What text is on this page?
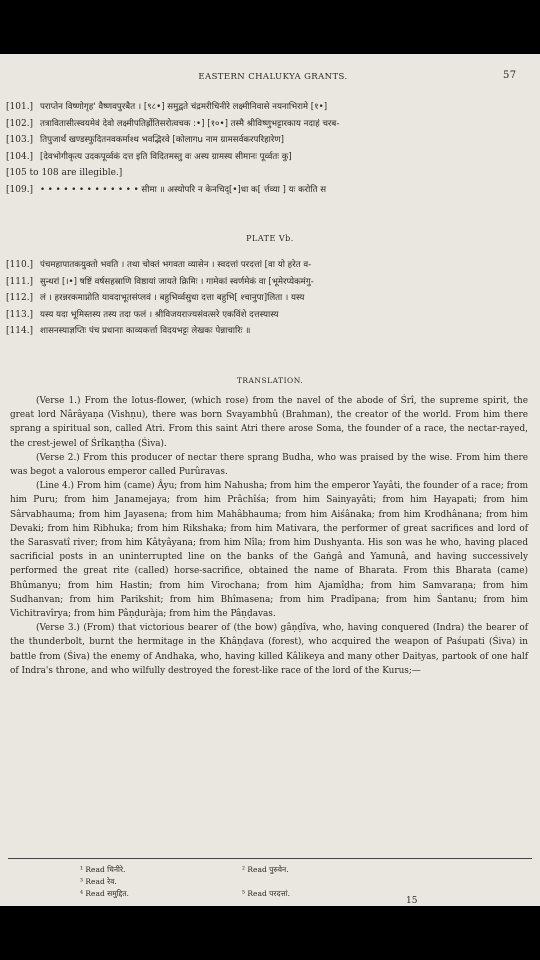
EASTERN CHALUKYA GRANTS.	57
[101.] पराप्तेन विष्णोगृह' वैष्णवपुरबैत । [९८•] समुद्वते चंद्रमरीचिनीरे लक्ष्मीनिवासे नयनाभिरामे [१•]
[102.] तत्रावितासीत्स्वयमेवं देवो लक्ष्मीपतिर्ह्रोतिसरोत्वचक :•] [१०•] तस्मै श्रीविष्णुभट्टारकाय नदाहं चरब-
[103.] तिपुजार्थं खण्डस्फुदितनवकर्माश्थ भवद्भिरवे [कोलागu नाम ग्रामसर्वकरपरिहारेण]
[104.] [देवभोगीकृत्य उदकपूर्व्वकं दत्त इति विदितमस्तु वः अस्य ग्रामस्य सीमानः पूर्व्वतः कु]
[105 to 108 are illegible.]
[109.] • • • • • • • • • • • • • सीमा ॥ अस्योपरि न केनचिद्[•]धा क[ र्त्तव्या ] यः करोति स
PLATE Vb.
[110.] पंचमहापातकयुक्तो भवति । तथा चोक्तं भगवता व्यासेन । स्वदत्तां परदत्तां [वा यो हरेत व-
[111.] सुन्धरां [।•] षष्टिं वर्षसहस्राणि विष्ठायां जायते क्रिमिः । गामेकां स्वर्णमेकं वा [भूमेरप्येकमंगु-
[112.] लं । हरन्नरकमाप्नोति यावदाभूतसंप्लवं । बहुभिर्व्वसुधा दत्ता बहुभि[ श्चानुपा]लिता । यस्य
[113.] यस्य यदा भूमिस्तस्य तस्य तदा फलं । श्रीविजयराज्यसंवत्सरे एकविंशे दत्तस्यास्य
[114.] शासनस्याज्ञप्तिः पंच प्रधानाः काव्यकर्त्ता विदयभट्टः लेखकः पेन्नाचारिः ॥
TRANSLATION.

(Verse 1.) From the lotus-flower, (which rose) from the navel of the abode of Śrî, the supreme spirit, the great lord Nârâyaṇa (Vishṇu), there was born Svayambhû (Brahman), the creator of the world. From him there sprang a spiritual son, called Atri. From this saint Atri there arose Soma, the founder of a race, the nectar-rayed, the crest-jewel of Śrîkaṇṭha (Śiva).

(Verse 2.) From this producer of nectar there sprang Budha, who was praised by the wise. From him there was begot a valorous emperor called Purûravas.

(Line 4.) From him (came) Âyu; from him Nahusha; from him the emperor Yayâti, the founder of a race; from him Puru; from him Janamejaya; from him Prâchîśa; from him Sainyayâti; from him Hayapati; from him Sârvabhauma; from him Jayasena; from him Mahâbhauma; from him Aiśânaka; from him Krodhânana; from him Devaki; from him Ribhuka; from him Rikshaka; from him Mativara, the performer of great sacrifices and lord of the Sarasvatî river; from him Kâtyâyana; from him Nîla; from him Dushyanta. His son was he who, having placed sacrificial posts in an uninterrupted line on the banks of the Gaṅgâ and Yamunâ, and having successively performed the great rite (called) horse-sacrifice, obtained the name of Bharata. From this Bharata (came) Bhûmanyu; from him Hastin; from him Virochana; from him Ajamîḍha; from him Samvaraṇa; from him Sudhanvan; from him Parikshit; from him Bhîmasena; from him Pradîpana; from him Śantanu; from him Vichitravîrya; from him Pâṇḍuràja; from him the Pâṇḍavas.

(Verse 3.) (From) that victorious bearer of (the bow) gâṇḍîva, who, having conquered (Indra) the bearer of the thunderbolt, burnt the hermitage in the Khâṇḍava (forest), who acquired the weapon of Paśupati (Śiva) in battle from (Śiva) the enemy of Andhaka, who, having killed Kâlikeya and many other Daityas, partook of one half of Indra's throne, and who wilfully destroyed the forest-like race of the lord of the Kurus;—

¹ Read चिनीरे.	² Read पुरुवेन.³ Read रेव.
⁴ Read समुद्दित.	⁵ Read परदत्तां.
15
